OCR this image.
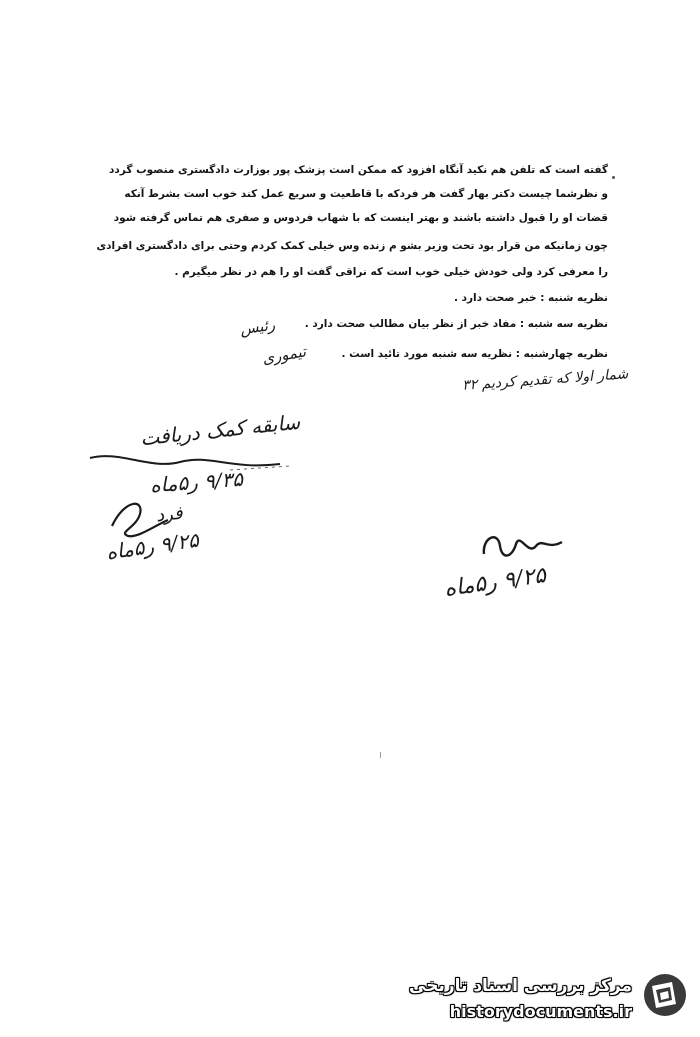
گفته است که تلفن هم نکید آنگاه افزود که ممکن است پزشک پور بوزارت دادگستری منصوب گردد
و نظرشما چیست دکتر بهار گفت هر فردکه با قاطعیت و سریع عمل کند خوب است بشرط آنکه
قضات او را قبول داشته باشند و بهتر اینست که با شهاب فردوس و صفری هم تماس گرفته شود
چون زمانیکه من قرار بود تحت وزیر بشو م زنده وس خیلی کمک کردم وحتی برای دادگستری افرادی
را معرفی کرد ولی خودش خیلی خوب است که نراقی گفت او را هم در نظر میگیرم .
نظریه شنبه : خبر صحت دارد .
نظریه سه شنبه : مفاد خبر از نظر بیان مطالب صحت دارد .
نظریه چهارشنبه : نظریه سه شنبه مورد تائید است .
رئیس
تیموری
شمار اولا که تقدیم کردیم ۳۲
سابقه کمک دریافت
۹/۳۵ ر۵ماه
فرد
۹/۲۵ ر۵ماه
۹/۲۵ ر۵ماه
مرکز بررسی اسناد تاریخی
historydocuments.ir
